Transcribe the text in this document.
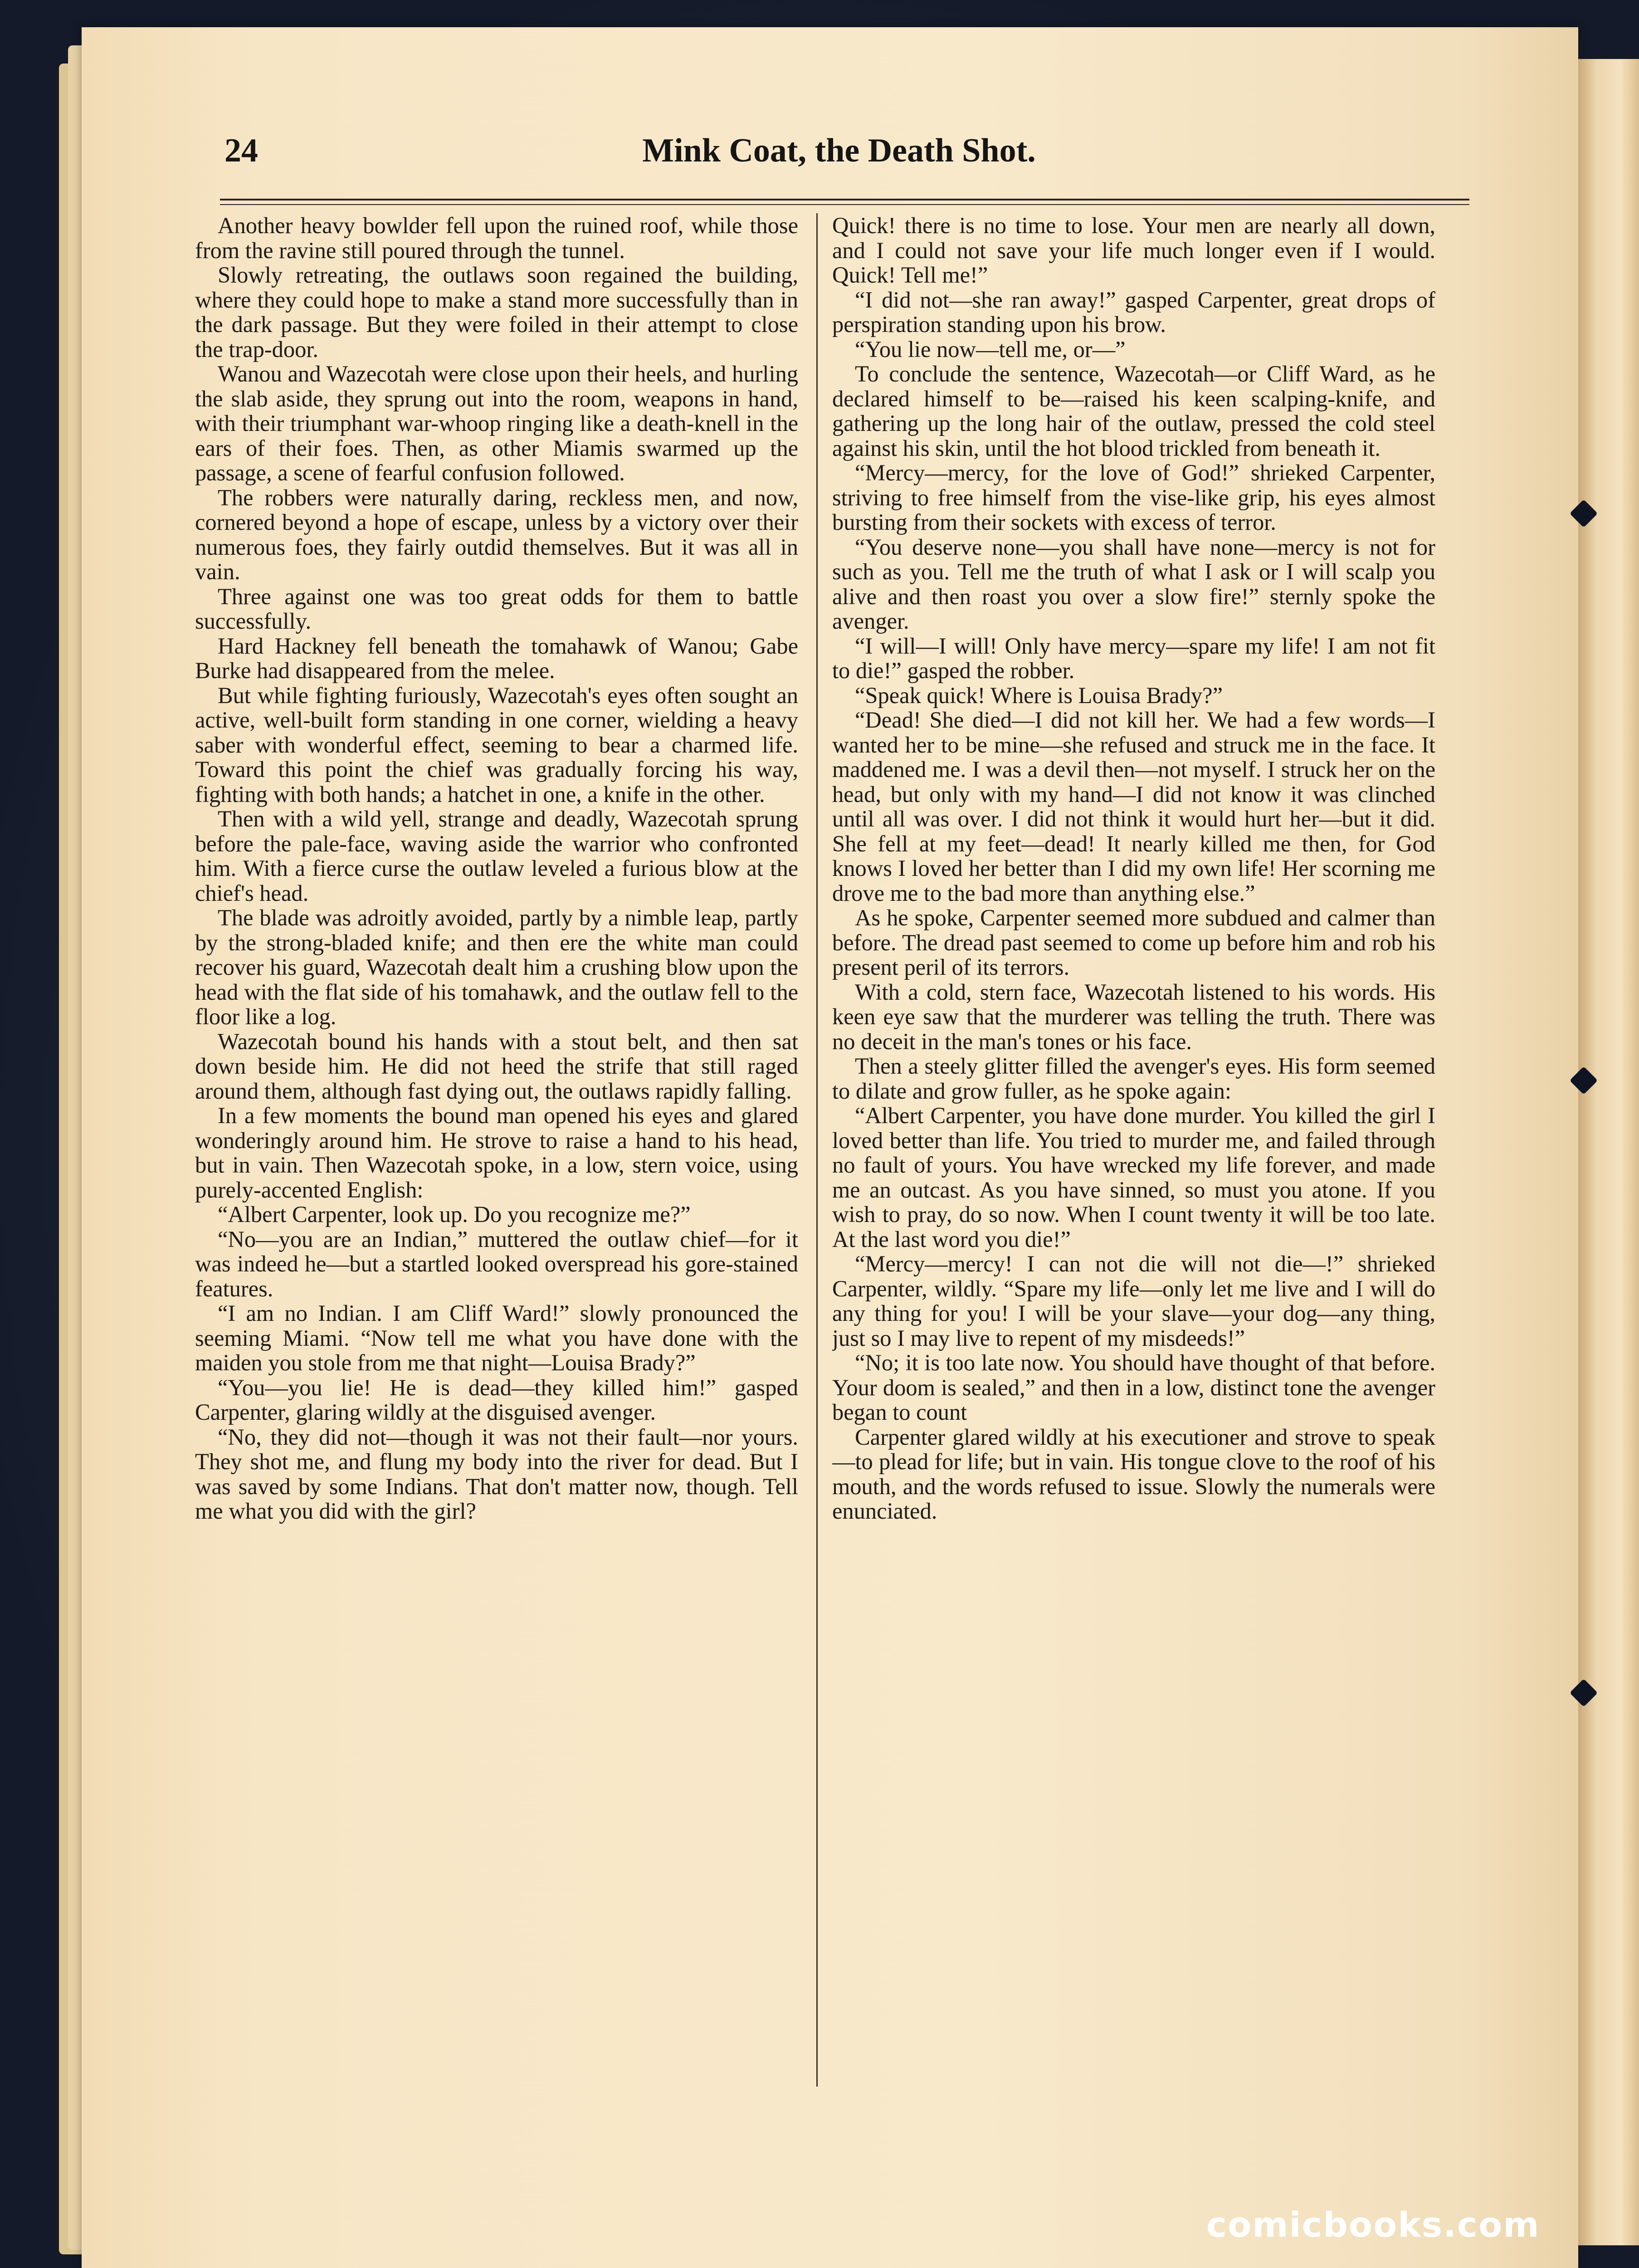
24	Mink Coat, the Death Shot.

Another heavy bowlder fell upon the ruined roof, while those from the ravine still poured through the tunnel.

Slowly retreating, the outlaws soon regained the building, where they could hope to make a stand more successfully than in the dark passage. But they were foiled in their attempt to close the trap-door.

Wanou and Wazecotah were close upon their heels, and hurling the slab aside, they sprung out into the room, weapons in hand, with their triumphant war-whoop ringing like a death-knell in the ears of their foes. Then, as other Miamis swarmed up the passage, a scene of fearful confusion followed.

The robbers were naturally daring, reckless men, and now, cornered beyond a hope of escape, unless by a victory over their numerous foes, they fairly outdid themselves. But it was all in vain.

Three against one was too great odds for them to battle successfully.

Hard Hackney fell beneath the tomahawk of Wanou; Gabe Burke had disappeared from the melee.

But while fighting furiously, Wazecotah's eyes often sought an active, well-built form standing in one corner, wielding a heavy saber with wonderful effect, seeming to bear a charmed life. Toward this point the chief was gradually forcing his way, fighting with both hands; a hatchet in one, a knife in the other.

Then with a wild yell, strange and deadly, Wazecotah sprung before the pale-face, waving aside the warrior who confronted him. With a fierce curse the outlaw leveled a furious blow at the chief's head.

The blade was adroitly avoided, partly by a nimble leap, partly by the strong-bladed knife; and then ere the white man could recover his guard, Wazecotah dealt him a crushing blow upon the head with the flat side of his tomahawk, and the outlaw fell to the floor like a log.

Wazecotah bound his hands with a stout belt, and then sat down beside him. He did not heed the strife that still raged around them, although fast dying out, the outlaws rapidly falling.

In a few moments the bound man opened his eyes and glared wonderingly around him. He strove to raise a hand to his head, but in vain. Then Wazecotah spoke, in a low, stern voice, using purely-accented English:

“Albert Carpenter, look up. Do you recognize me?”

“No—you are an Indian,” muttered the outlaw chief—for it was indeed he—but a startled looked overspread his gore-stained features.

“I am no Indian. I am Cliff Ward!” slowly pronounced the seeming Miami. “Now tell me what you have done with the maiden you stole from me that night—Louisa Brady?”

“You—you lie! He is dead—they killed him!” gasped Carpenter, glaring wildly at the disguised avenger.

“No, they did not—though it was not their fault—nor yours. They shot me, and flung my body into the river for dead. But I was saved by some Indians. That don't matter now, though. Tell me what you did with the girl?

Quick! there is no time to lose. Your men are nearly all down, and I could not save your life much longer even if I would. Quick! Tell me!”

“I did not—she ran away!” gasped Carpenter, great drops of perspiration standing upon his brow.

“You lie now—tell me, or—”

To conclude the sentence, Wazecotah—or Cliff Ward, as he declared himself to be—raised his keen scalping-knife, and gathering up the long hair of the outlaw, pressed the cold steel against his skin, until the hot blood trickled from beneath it.

“Mercy—mercy, for the love of God!” shrieked Carpenter, striving to free himself from the vise-like grip, his eyes almost bursting from their sockets with excess of terror.

“You deserve none—you shall have none—mercy is not for such as you. Tell me the truth of what I ask or I will scalp you alive and then roast you over a slow fire!” sternly spoke the avenger.

“I will—I will! Only have mercy—spare my life! I am not fit to die!” gasped the robber.

“Speak quick! Where is Louisa Brady?”

“Dead! She died—I did not kill her. We had a few words—I wanted her to be mine—she refused and struck me in the face. It maddened me. I was a devil then—not myself. I struck her on the head, but only with my hand—I did not know it was clinched until all was over. I did not think it would hurt her—but it did. She fell at my feet—dead! It nearly killed me then, for God knows I loved her better than I did my own life! Her scorning me drove me to the bad more than anything else.”

As he spoke, Carpenter seemed more subdued and calmer than before. The dread past seemed to come up before him and rob his present peril of its terrors.

With a cold, stern face, Wazecotah listened to his words. His keen eye saw that the murderer was telling the truth. There was no deceit in the man's tones or his face.

Then a steely glitter filled the avenger's eyes. His form seemed to dilate and grow fuller, as he spoke again:

“Albert Carpenter, you have done murder. You killed the girl I loved better than life. You tried to murder me, and failed through no fault of yours. You have wrecked my life forever, and made me an outcast. As you have sinned, so must you atone. If you wish to pray, do so now. When I count twenty it will be too late. At the last word you die!”

“Mercy—mercy! I can not die will not die—!” shrieked Carpenter, wildly. “Spare my life—only let me live and I will do any thing for you! I will be your slave—your dog—any thing, just so I may live to repent of my misdeeds!”

“No; it is too late now. You should have thought of that before. Your doom is sealed,” and then in a low, distinct tone the avenger began to count

Carpenter glared wildly at his executioner and strove to speak—to plead for life; but in vain. His tongue clove to the roof of his mouth, and the words refused to issue. Slowly the numerals were enunciated.

comicbooks.com
